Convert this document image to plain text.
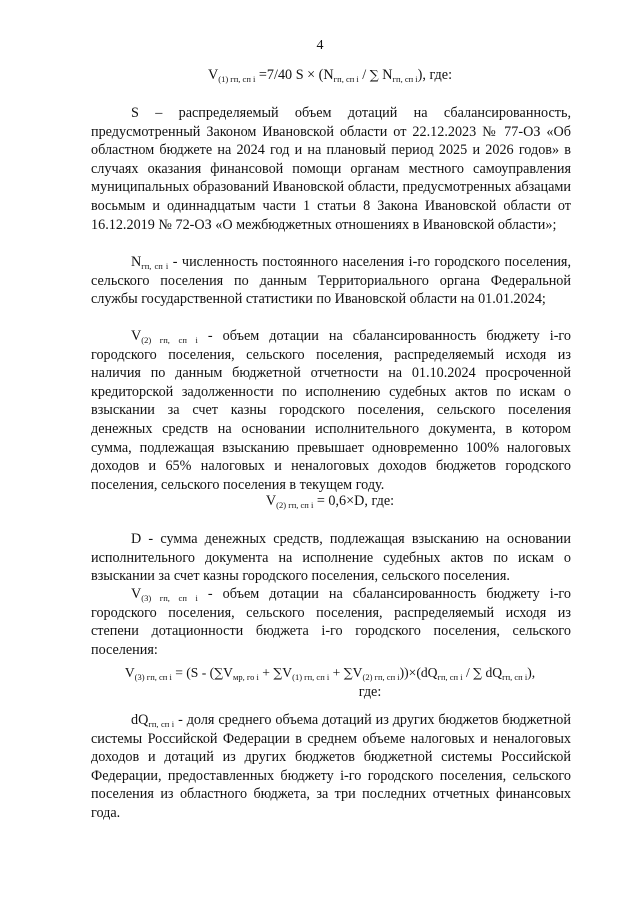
4
$V_{(1) гп, сп i} =7/40$ $S \times (N_{гп, сп i}$ / ∑ $N_{гп, сп i}$), где:

S – распределяемый объем дотаций на сбалансированность, предусмотренный Законом Ивановской области от 22.12.2023 № 77-ОЗ «Об областном бюджете на 2024 год и на плановый период 2025 и 2026 годов» в случаях оказания финансовой помощи органам местного самоуправления муниципальных образований Ивановской области, предусмотренных абзацами восьмым и одиннадцатым части 1 статьи 8 Закона Ивановской области от 16.12.2019 № 72-ОЗ «О межбюджетных отношениях в Ивановской области»;

$N_{гп, сп i}$ - численность постоянного населения i-го городского поселения, сельского поселения по данным Территориального органа Федеральной службы государственной статистики по Ивановской области на 01.01.2024;

$V_{(2) гп, сп i}$ - объем дотации на сбалансированность бюджету i-го городского поселения, сельского поселения, распределяемый исходя из наличия по данным бюджетной отчетности на 01.10.2024 просроченной кредиторской задолженности по исполнению судебных актов по искам о взыскании за счет казны городского поселения, сельского поселения денежных средств на основании исполнительного документа, в котором сумма, подлежащая взысканию превышает одновременно 100% налоговых доходов и 65% налоговых и неналоговых доходов бюджетов городского поселения, сельского поселения в текущем году.

$V_{(2) гп, сп i} = 0,6\times D$, где:

D - сумма денежных средств, подлежащая взысканию на основании исполнительного документа на исполнение судебных актов по искам о взыскании за счет казны городского поселения, сельского поселения.

$V_{(3) гп, сп i}$ - объем дотации на сбалансированность бюджету i-го городского поселения, сельского поселения, распределяемый исходя из степени дотационности бюджета i-го городского поселения, сельского поселения:

$V_{(3) гп, сп i} = (S - (\sum V_{мр, го i} + \sum V_{(1) гп, сп i} + \sum V_{(2) гп, сп i}))\times(dQ_{гп, сп i}$ / ∑ $dQ_{гп, сп i}$),
где:

$dQ_{гп, сп i}$ - доля среднего объема дотаций из других бюджетов бюджетной системы Российской Федерации в среднем объеме налоговых и неналоговых доходов и дотаций из других бюджетов бюджетной системы Российской Федерации, предоставленных бюджету i-го городского поселения, сельского поселения из областного бюджета, за три последних отчетных финансовых года.
